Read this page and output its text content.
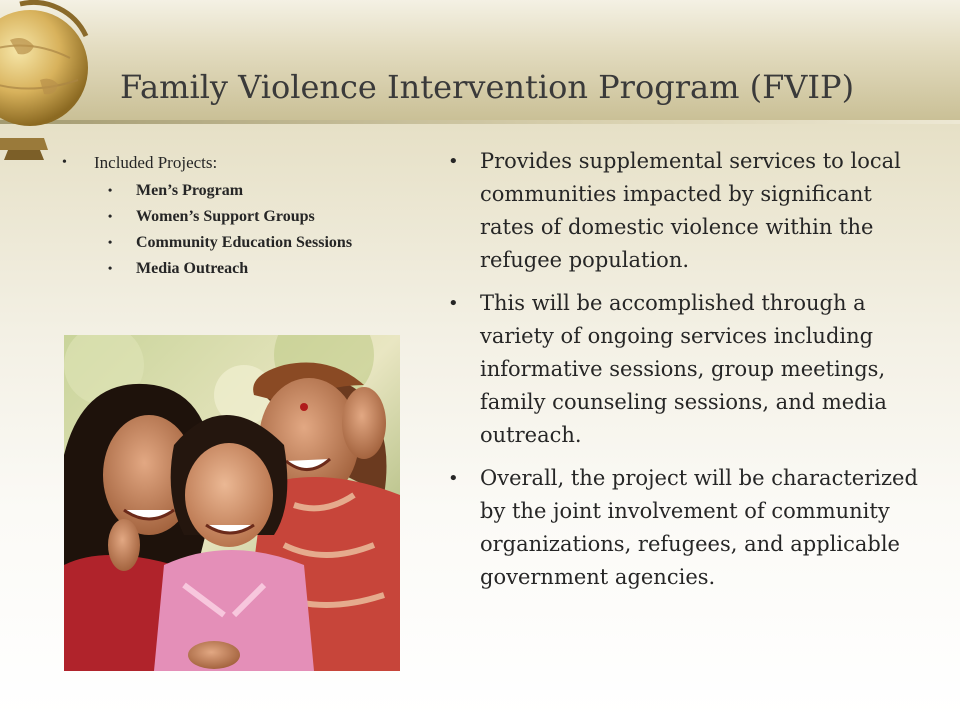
Family Violence Intervention Program (FVIP)
• Included Projects:
• Men’s Program
• Women’s Support Groups
• Community Education Sessions
• Media Outreach
• Provides supplemental services to local communities impacted by significant rates of domestic violence within the refugee population.
• This will be accomplished through a variety of ongoing services including informative sessions, group meetings, family counseling sessions, and media outreach.
• Overall, the project will be characterized by the joint involvement of community organizations, refugees, and applicable government agencies.
